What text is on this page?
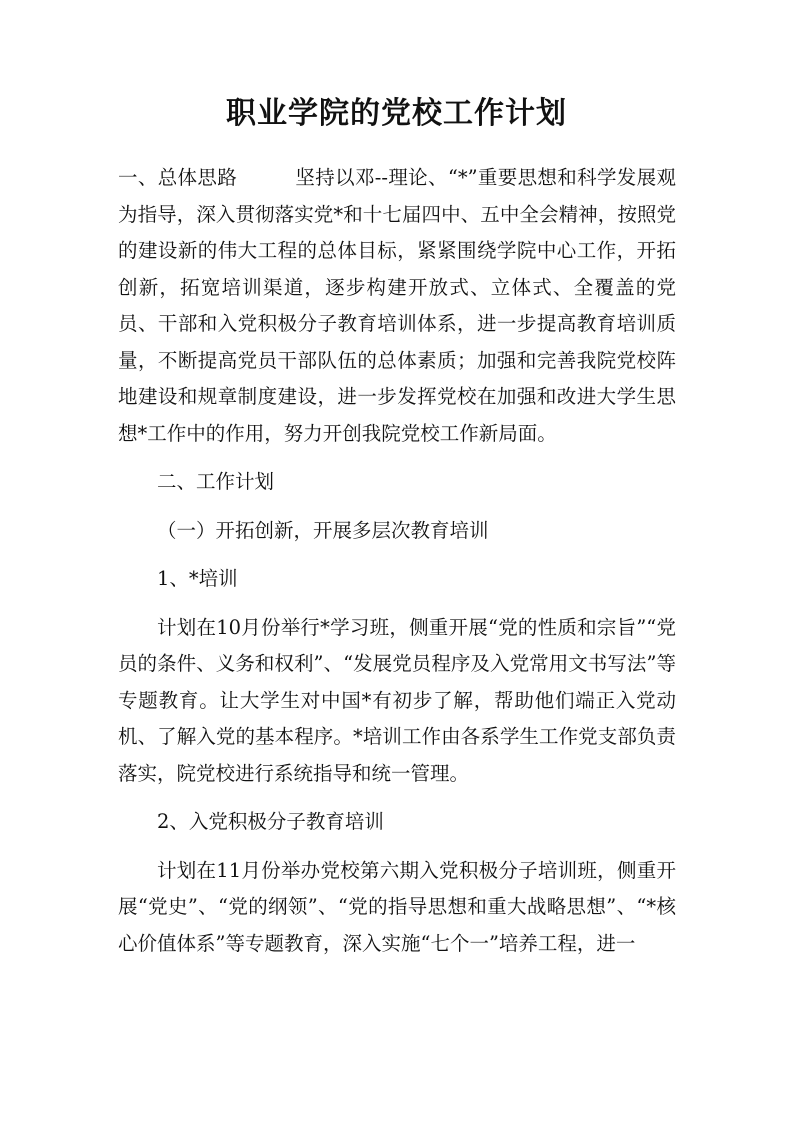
职业学院的党校工作计划

一、总体思路	坚持以邓--理论、“*”重要思想和科学发展观为指导，深入贯彻落实党*和十七届四中、五中全会精神，按照党的建设新的伟大工程的总体目标，紧紧围绕学院中心工作，开拓创新，拓宽培训渠道，逐步构建开放式、立体式、全覆盖的党员、干部和入党积极分子教育培训体系，进一步提高教育培训质量，不断提高党员干部队伍的总体素质；加强和完善我院党校阵地建设和规章制度建设，进一步发挥党校在加强和改进大学生思想*工作中的作用，努力开创我院党校工作新局面。

二、工作计划

（一）开拓创新，开展多层次教育培训

1、*培训

计划在10月份举行*学习班，侧重开展“党的性质和宗旨”“党员的条件、义务和权利”、“发展党员程序及入党常用文书写法”等专题教育。让大学生对中国*有初步了解，帮助他们端正入党动机、了解入党的基本程序。*培训工作由各系学生工作党支部负责落实，院党校进行系统指导和统一管理。

2、入党积极分子教育培训

计划在11月份举办党校第六期入党积极分子培训班，侧重开展“党史”、“党的纲领”、“党的指导思想和重大战略思想”、“*核心价值体系”等专题教育，深入实施“七个一”培养工程，进一
